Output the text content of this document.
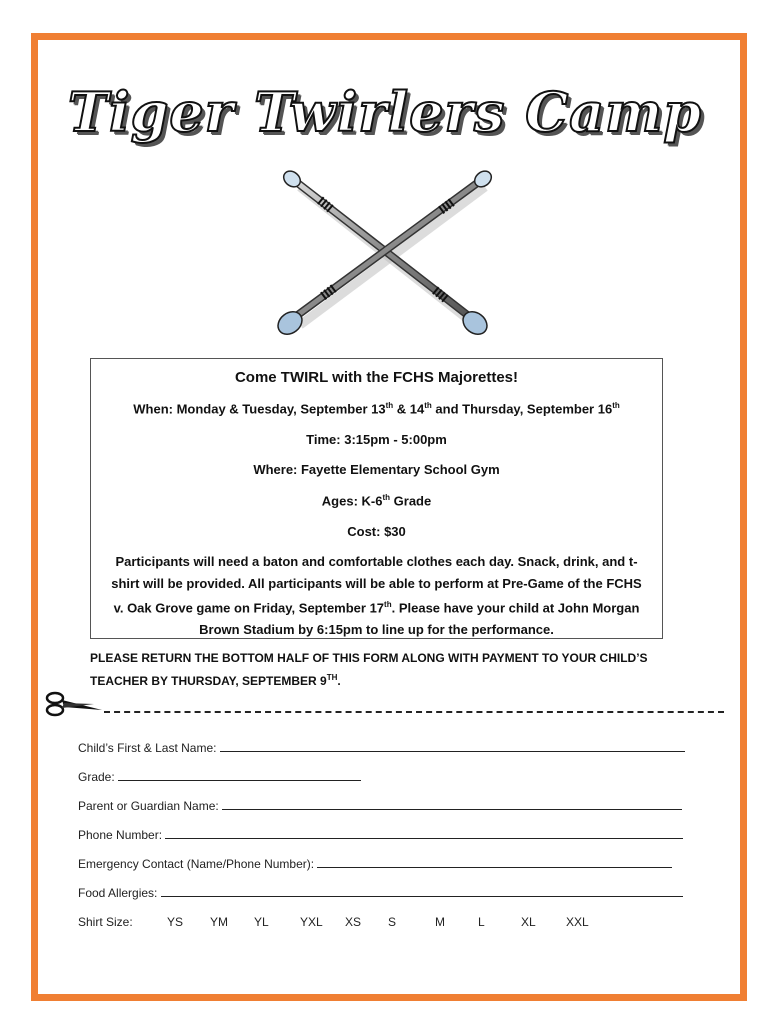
Tiger Twirlers Camp
Come TWIRL with the FCHS Majorettes!
When: Monday & Tuesday, September 13th & 14th and Thursday, September 16th
Time: 3:15pm - 5:00pm
Where: Fayette Elementary School Gym
Ages: K-6th Grade
Cost: $30
Participants will need a baton and comfortable clothes each day. Snack, drink, and t-shirt will be provided. All participants will be able to perform at Pre-Game of the FCHS v. Oak Grove game on Friday, September 17th. Please have your child at John Morgan Brown Stadium by 6:15pm to line up for the performance.
PLEASE RETURN THE BOTTOM HALF OF THIS FORM ALONG WITH PAYMENT TO YOUR CHILD’S TEACHER BY THURSDAY, SEPTEMBER 9TH.
Child’s First & Last Name:
Grade:
Parent or Guardian Name:
Phone Number:
Emergency Contact (Name/Phone Number):
Food Allergies:
Shirt Size:	YS YM YL	YXL XS S	M	L	XL	XXL
